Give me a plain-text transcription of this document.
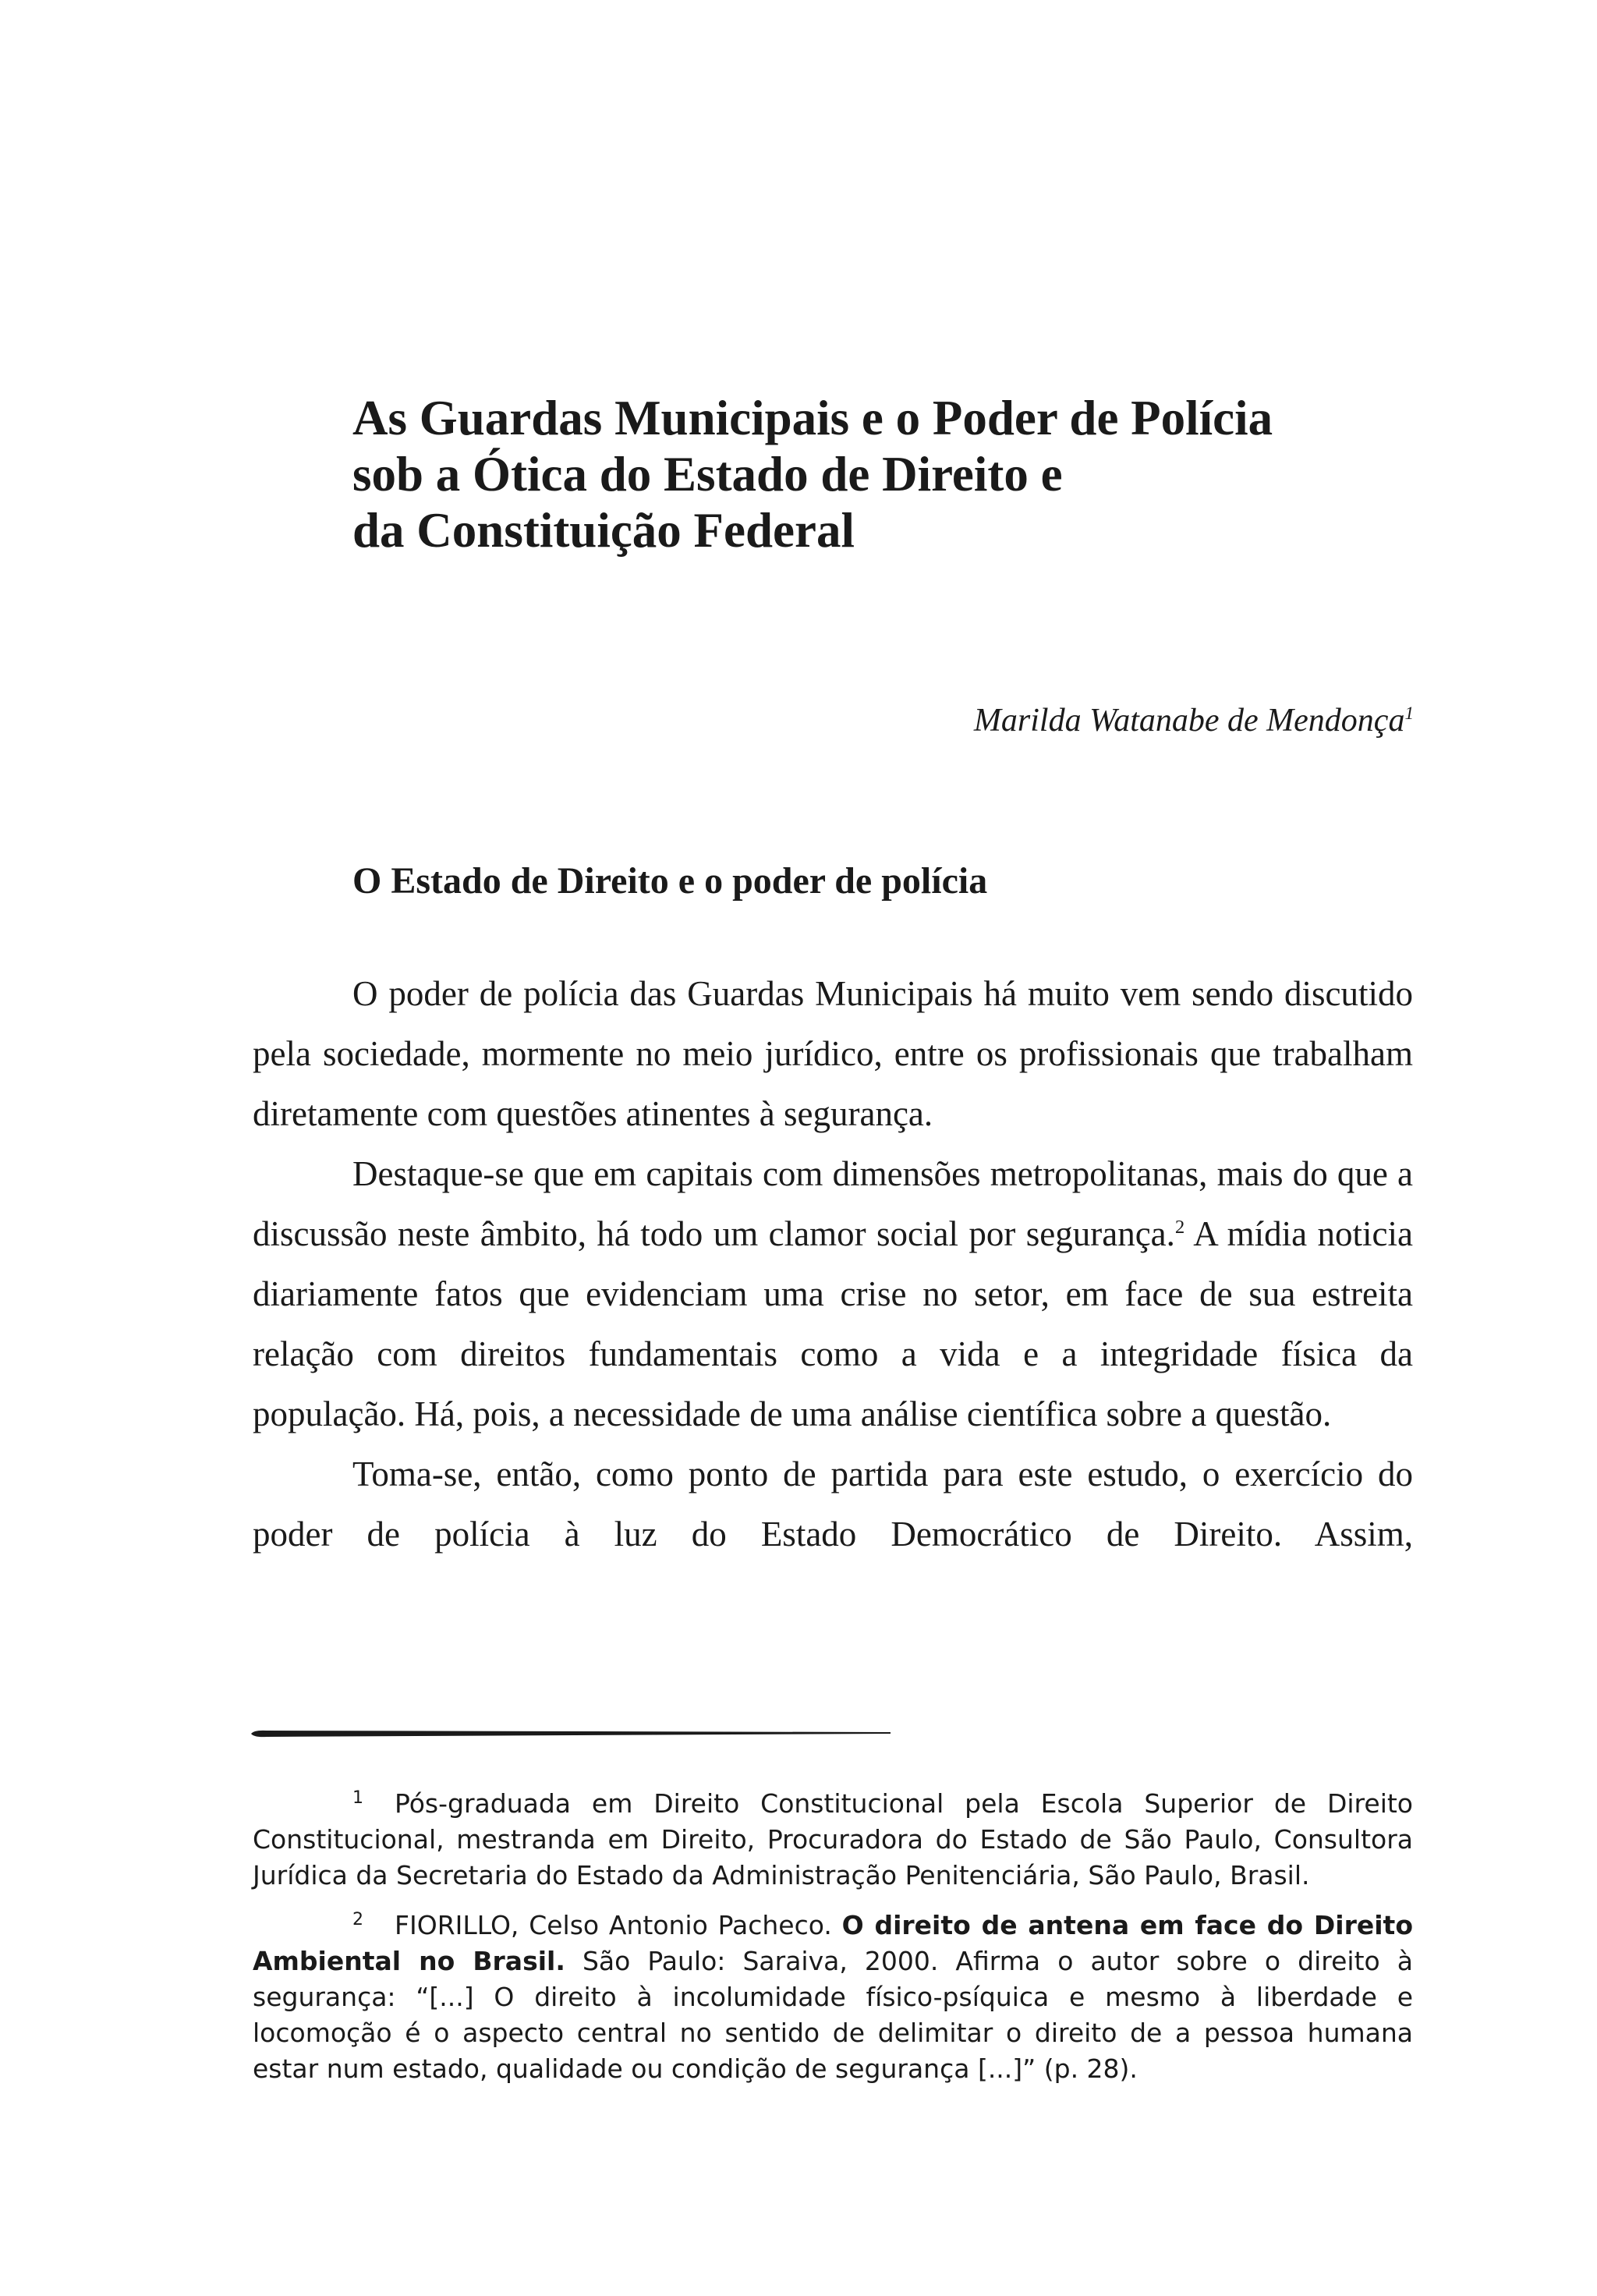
As Guardas Municipais e o Poder de Polícia
sob a Ótica do Estado de Direito e
da Constituição Federal
Marilda Watanabe de Mendonça$^1$
O Estado de Direito e o poder de polícia

O poder de polícia das Guardas Municipais há muito vem sendo discutido pela sociedade, mormente no meio jurídico, entre os profissionais que trabalham diretamente com questões atinentes à segurança.

Destaque-se que em capitais com dimensões metropolitanas, mais do que a discussão neste âmbito, há todo um clamor social por segurança.$^2$ A mídia noticia diariamente fatos que evidenciam uma crise no setor, em face de sua estreita relação com direitos fundamentais como a vida e a integridade física da população. Há, pois, a necessidade de uma análise científica sobre a questão.

Toma-se, então, como ponto de partida para este estudo, o exercício do poder de polícia à luz do Estado Democrático de Direito. Assim,

$^1$ Pós-graduada em Direito Constitucional pela Escola Superior de Direito Constitucional, mestranda em Direito, Procuradora do Estado de São Paulo, Consultora Jurídica da Secretaria do Estado da Administração Penitenciária, São Paulo, Brasil.

$^2$ FIORILLO, Celso Antonio Pacheco. O direito de antena em face do Direito Ambiental no Brasil. São Paulo: Saraiva, 2000. Afirma o autor sobre o direito à segurança: “[...] O direito à incolumidade físico-psíquica e mesmo à liberdade e locomoção é o aspecto central no sentido de delimitar o direito de a pessoa humana estar num estado, qualidade ou condição de segurança [...]” (p. 28).
